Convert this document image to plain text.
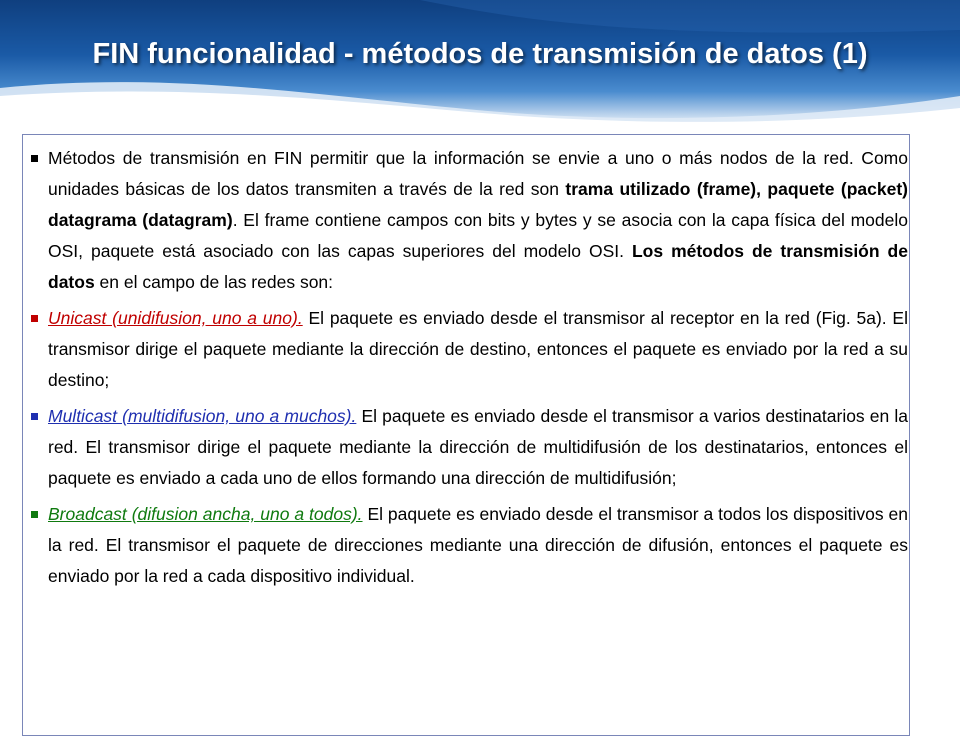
FIN funcionalidad - métodos de transmisión de datos (1)
Métodos de transmisión en FIN permitir que la información se envie a uno o más nodos de la red. Como unidades básicas de los datos transmiten a través de la red son trama utilizado (frame), paquete (packet) datagrama (datagram). El frame contiene campos con bits y bytes y se asocia con la capa física del modelo OSI, paquete está asociado con las capas superiores del modelo OSI. Los métodos de transmisión de datos en el campo de las redes son:
Unicast (unidifusion, uno a uno). El paquete es enviado desde el transmisor al receptor en la red (Fig. 5a). El transmisor dirige el paquete mediante la dirección de destino, entonces el paquete es enviado por la red a su destino;
Multicast (multidifusion, uno a muchos). El paquete es enviado desde el transmisor a varios destinatarios en la red. El transmisor dirige el paquete mediante la dirección de multidifusión de los destinatarios, entonces el paquete es enviado a cada uno de ellos formando una dirección de multidifusión;
Broadcast (difusion ancha, uno a todos). El paquete es enviado desde el transmisor a todos los dispositivos en la red. El transmisor el paquete de direcciones mediante una dirección de difusión, entonces el paquete es enviado por la red a cada dispositivo individual.
